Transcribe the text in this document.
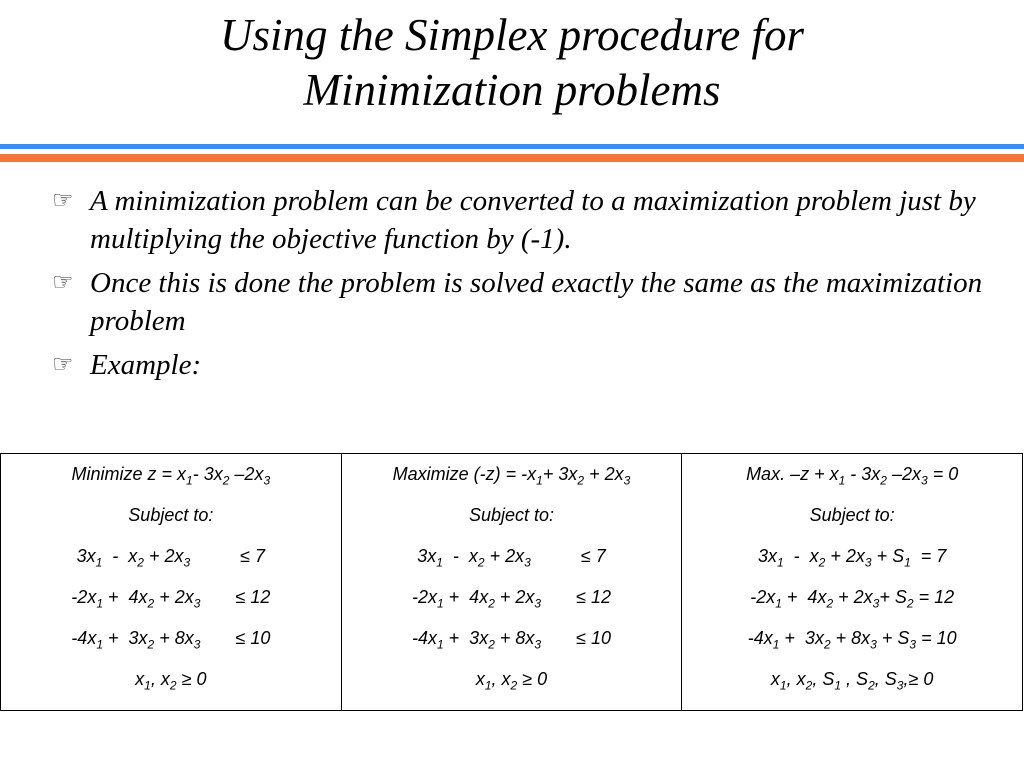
Using the Simplex procedure for
Minimization problems
☞ A minimization problem can be converted to a maximization problem just by multiplying the objective function by (-1).
☞ Once this is done the problem is solved exactly the same as the maximization problem
☞ Example:
Minimize $z = x_1-$ $3x_2$ $-2x_3$
Subject to:
$3x_1 - x_2 + 2x_3$          ≤ 7
$-2x_1 + 4x_2 + 2x_3$       ≤ 12
$-4x_1 + 3x_2 + 8x_3$       ≤ 10
$x_1$, $x_2 \ge 0$

Maximize $(-z) = -x_1+ 3x_2 + 2x_3$
Subject to:
$3x_1 - x_2 + 2x_3$          ≤ 7
$-2x_1 + 4x_2 + 2x_3$       ≤ 12
$-4x_1 + 3x_2 + 8x_3$       ≤ 10
$x_1$, $x_2 \ge 0$

Max. $-z + x_1 - 3x_2$ $-2x_3 = 0$
Subject to:
$3x_1 - x_2 + 2x_3 + S_1 = 7$
$-2x_1 + 4x_2 + 2x_3+ S_2 = 12$
$-4x_1 + 3x_2 + 8x_3 + S_3 = 10$
$x_1$, $x_2$, $S_1$ , $S_2$, $S_3,\ge 0$
